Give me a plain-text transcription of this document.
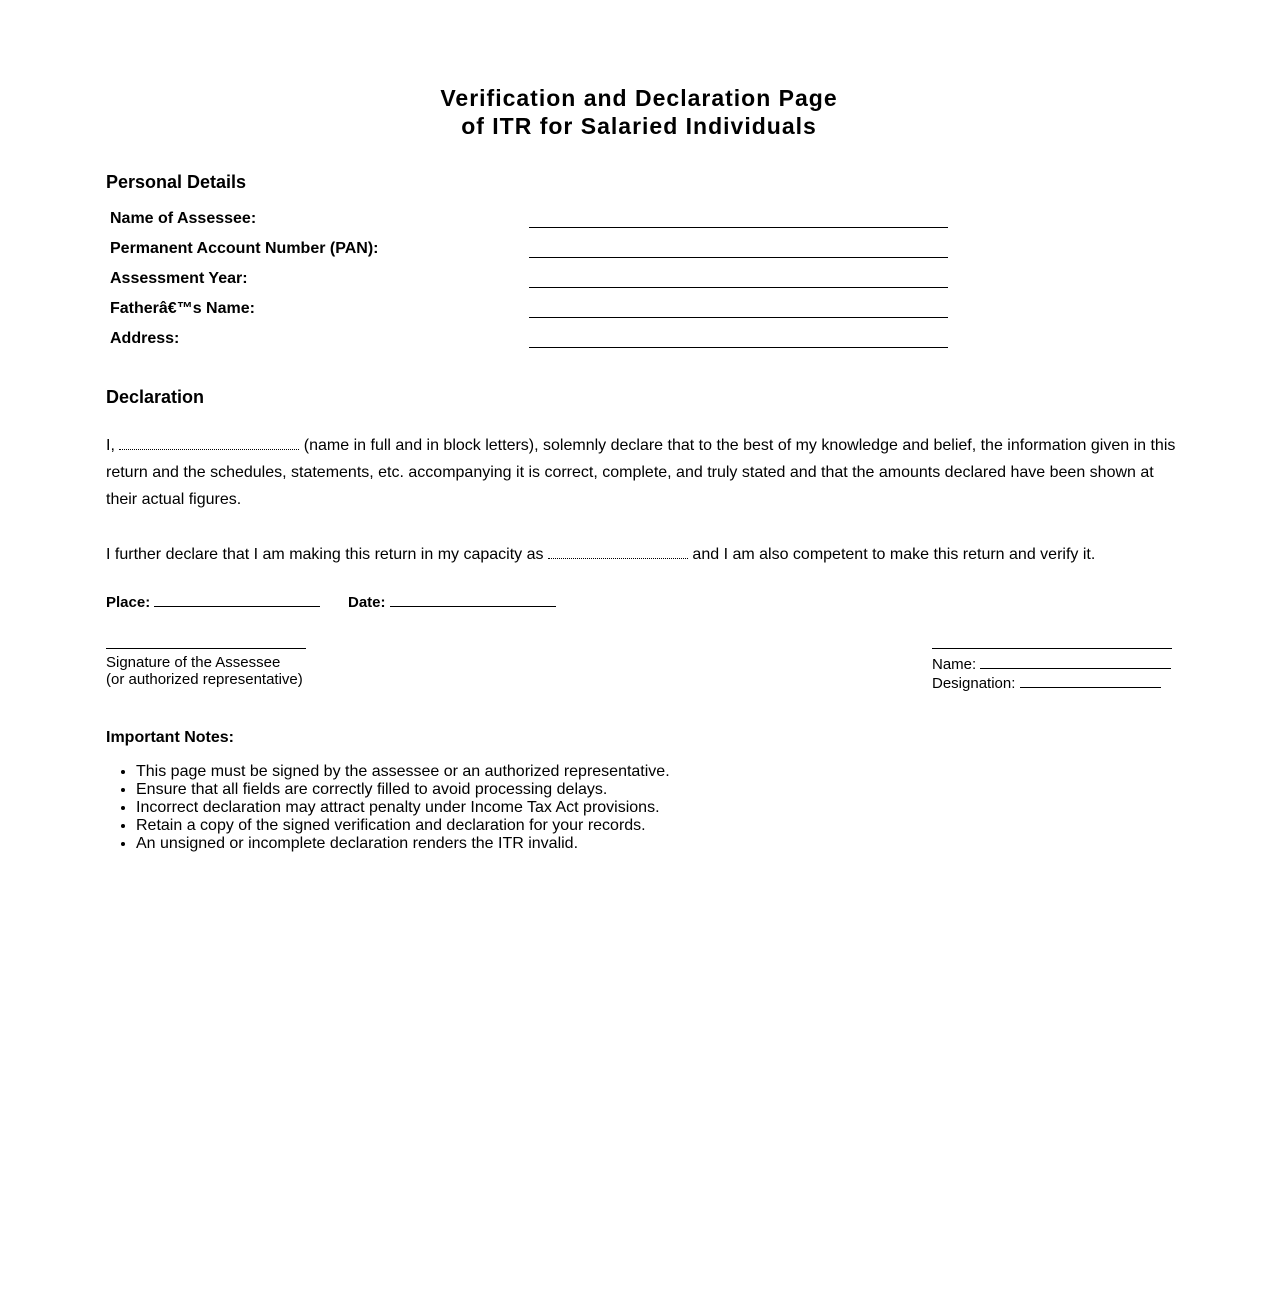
Verification and Declaration Page
of ITR for Salaried Individuals
Personal Details
Name of Assessee:
Permanent Account Number (PAN):
Assessment Year:
Fatherâ€™s Name:
Address:
Declaration
I,	(name in full and in block letters), solemnly declare that to the best of my knowledge and belief, the information given in this return and the schedules, statements, etc. accompanying it is correct, complete, and truly stated and that the amounts declared have been shown at their actual figures.
I further declare that I am making this return in my capacity as	and I am also competent to make this return and verify it.
Place:	Date:
Signature of the Assessee
(or authorized representative)
Name:
Designation:
Important Notes:
• This page must be signed by the assessee or an authorized representative.
• Ensure that all fields are correctly filled to avoid processing delays.
• Incorrect declaration may attract penalty under Income Tax Act provisions.
• Retain a copy of the signed verification and declaration for your records.
• An unsigned or incomplete declaration renders the ITR invalid.
